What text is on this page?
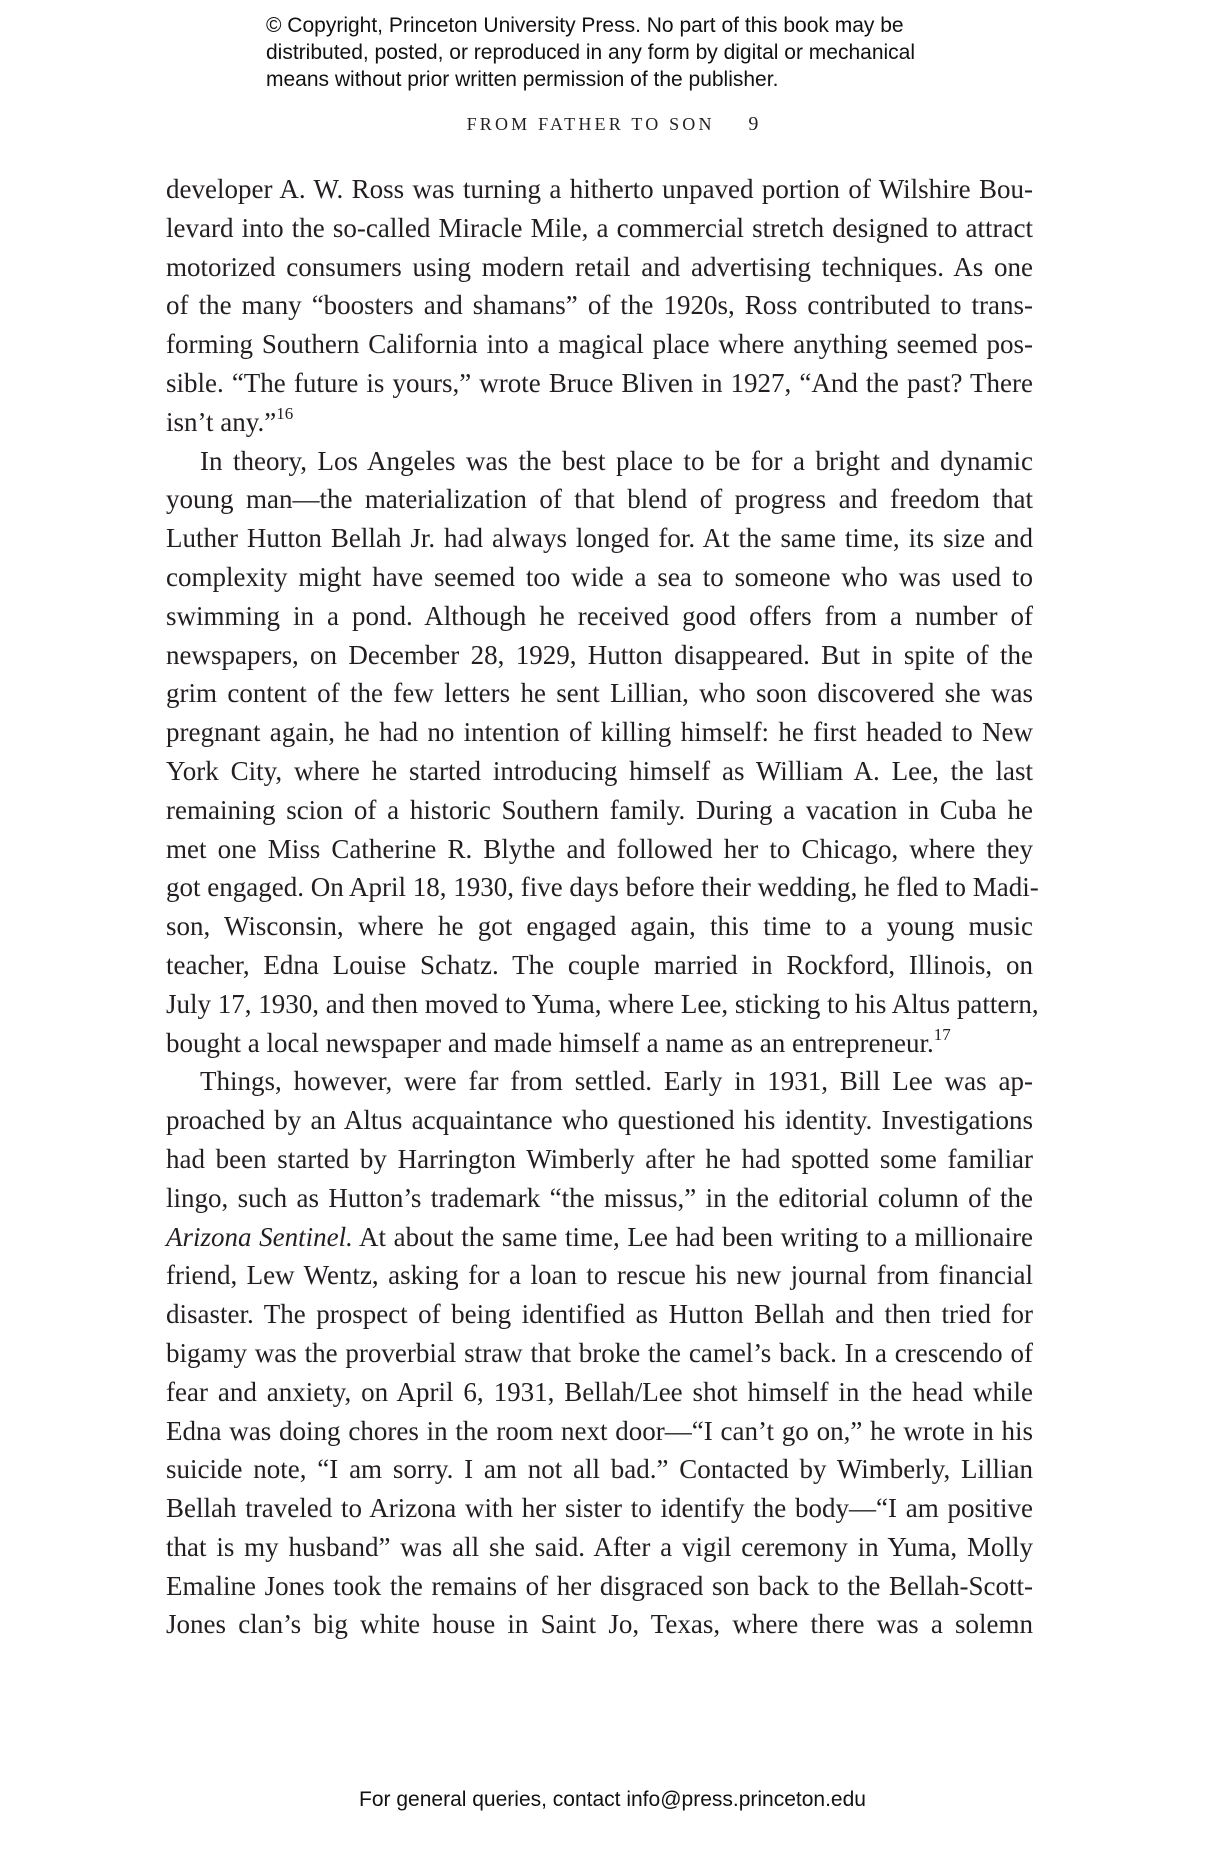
© Copyright, Princeton University Press. No part of this book may be
distributed, posted, or reproduced in any form by digital or mechanical
means without prior written permission of the publisher.
FROM FATHER TO SON 9
developer A. W. Ross was turning a hitherto unpaved portion of Wilshire Bou-
levard into the so-called Miracle Mile, a commercial stretch designed to attract
motorized consumers using modern retail and advertising techniques. As one
of the many “boosters and shamans” of the 1920s, Ross contributed to trans-
forming Southern California into a magical place where anything seemed pos-
sible. “The future is yours,” wrote Bruce Bliven in 1927, “And the past? There
isn’t any.”$^{16}$
In theory, Los Angeles was the best place to be for a bright and dynamic
young man—the materialization of that blend of progress and freedom that
Luther Hutton Bellah Jr. had always longed for. At the same time, its size and
complexity might have seemed too wide a sea to someone who was used to
swimming in a pond. Although he received good offers from a number of
newspapers, on December 28, 1929, Hutton disappeared. But in spite of the
grim content of the few letters he sent Lillian, who soon discovered she was
pregnant again, he had no intention of killing himself: he first headed to New
York City, where he started introducing himself as William A. Lee, the last
remaining scion of a historic Southern family. During a vacation in Cuba he
met one Miss Catherine R. Blythe and followed her to Chicago, where they
got engaged. On April 18, 1930, five days before their wedding, he fled to Madi-
son, Wisconsin, where he got engaged again, this time to a young music
teacher, Edna Louise Schatz. The couple married in Rockford, Illinois, on
July 17, 1930, and then moved to Yuma, where Lee, sticking to his Altus pattern,
bought a local newspaper and made himself a name as an entrepreneur.$^{17}$
Things, however, were far from settled. Early in 1931, Bill Lee was ap-
proached by an Altus acquaintance who questioned his identity. Investigations
had been started by Harrington Wimberly after he had spotted some familiar
lingo, such as Hutton’s trademark “the missus,” in the editorial column of the
Arizona Sentinel. At about the same time, Lee had been writing to a millionaire
friend, Lew Wentz, asking for a loan to rescue his new journal from financial
disaster. The prospect of being identified as Hutton Bellah and then tried for
bigamy was the proverbial straw that broke the camel’s back. In a crescendo of
fear and anxiety, on April 6, 1931, Bellah/Lee shot himself in the head while
Edna was doing chores in the room next door—“I can’t go on,” he wrote in his
suicide note, “I am sorry. I am not all bad.” Contacted by Wimberly, Lillian
Bellah traveled to Arizona with her sister to identify the body—“I am positive
that is my husband” was all she said. After a vigil ceremony in Yuma, Molly
Emaline Jones took the remains of her disgraced son back to the Bellah-Scott-
Jones clan’s big white house in Saint Jo, Texas, where there was a solemn
For general queries, contact info@press.princeton.edu
